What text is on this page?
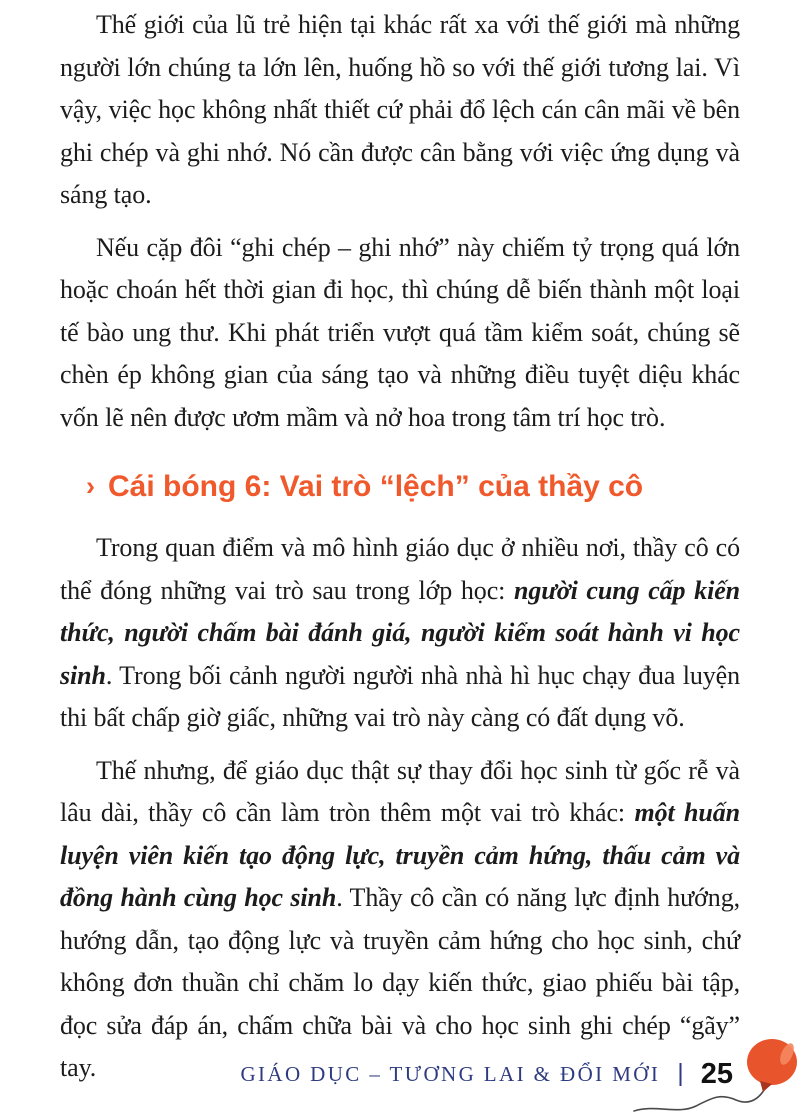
Thế giới của lũ trẻ hiện tại khác rất xa với thế giới mà những người lớn chúng ta lớn lên, huống hồ so với thế giới tương lai. Vì vậy, việc học không nhất thiết cứ phải đổ lệch cán cân mãi về bên ghi chép và ghi nhớ. Nó cần được cân bằng với việc ứng dụng và sáng tạo.

Nếu cặp đôi “ghi chép – ghi nhớ” này chiếm tỷ trọng quá lớn hoặc choán hết thời gian đi học, thì chúng dễ biến thành một loại tế bào ung thư. Khi phát triển vượt quá tầm kiểm soát, chúng sẽ chèn ép không gian của sáng tạo và những điều tuyệt diệu khác vốn lẽ nên được ươm mầm và nở hoa trong tâm trí học trò.

› Cái bóng 6: Vai trò “lệch” của thầy cô

Trong quan điểm và mô hình giáo dục ở nhiều nơi, thầy cô có thể đóng những vai trò sau trong lớp học: người cung cấp kiến thức, người chấm bài đánh giá, người kiểm soát hành vi học sinh. Trong bối cảnh người người nhà nhà hì hục chạy đua luyện thi bất chấp giờ giấc, những vai trò này càng có đất dụng võ.

Thế nhưng, để giáo dục thật sự thay đổi học sinh từ gốc rễ và lâu dài, thầy cô cần làm tròn thêm một vai trò khác: một huấn luyện viên kiến tạo động lực, truyền cảm hứng, thấu cảm và đồng hành cùng học sinh. Thầy cô cần có năng lực định hướng, hướng dẫn, tạo động lực và truyền cảm hứng cho học sinh, chứ không đơn thuần chỉ chăm lo dạy kiến thức, giao phiếu bài tập, đọc sửa đáp án, chấm chữa bài và cho học sinh ghi chép “gãy” tay.	GIÁO DỤC – TƯƠNG LAI & ĐỔI MỚI | 25
